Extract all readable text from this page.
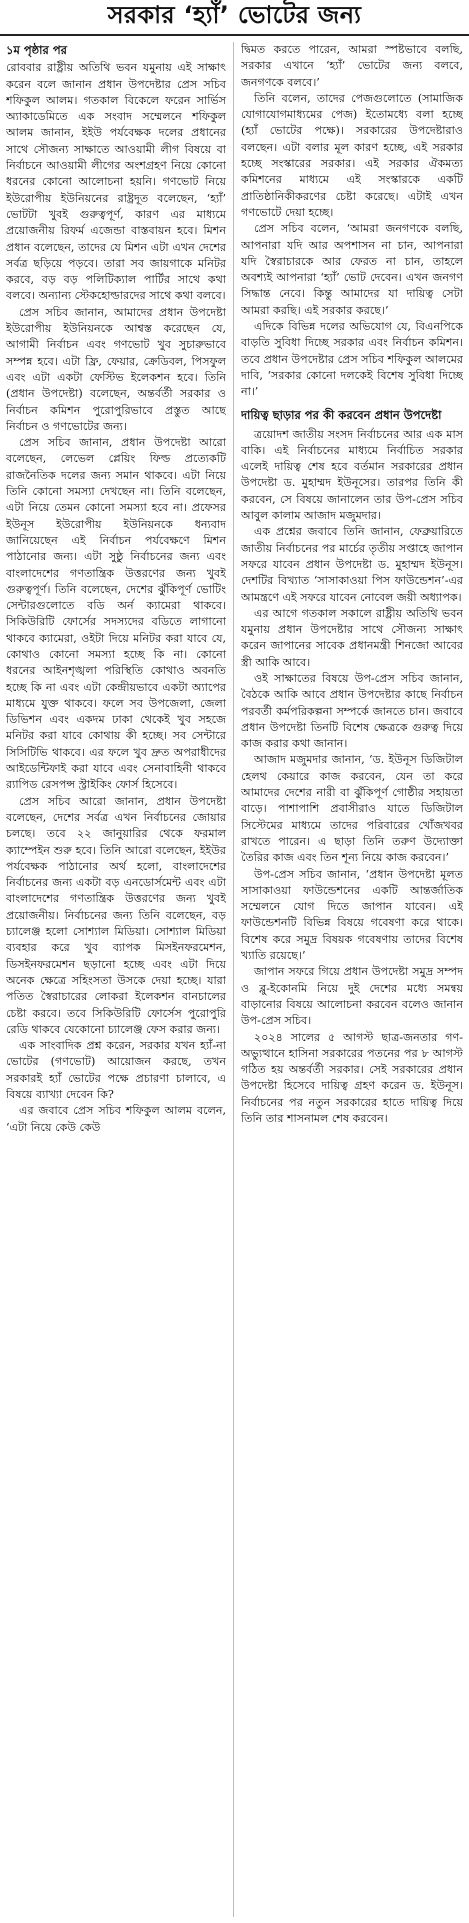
সরকার ‘হ্যাঁ’ ভোটের জন্য
১ম পৃষ্ঠার পর

রোববার রাষ্ট্রীয় অতিথি ভবন যমুনায় এই সাক্ষাৎ করেন বলে জানান প্রধান উপদেষ্টার প্রেস সচিব শফিকুল আলম। গতকাল বিকেলে ফরেন সার্ভিস অ্যাকাডেমিতে এক সংবাদ সম্মেলনে শফিকুল আলম জানান, ইইউ পর্যবেক্ষক দলের প্রধানের সাথে সৌজন্য সাক্ষাতে আওয়ামী লীগ বিষয়ে বা নির্বাচনে আওয়ামী লীগের অংশগ্রহণ নিয়ে কোনো ধরনের কোনো আলোচনা হয়নি। গণভোট নিয়ে ইউরোপীয় ইউনিয়নের রাষ্ট্রদূত বলেছেন, ‘হ্যাঁ’ ভোটটা খুবই গুরুত্বপূর্ণ, কারণ এর মাধ্যমে প্রয়োজনীয় রিফর্ম এজেন্ডা বাস্তবায়ন হবে। মিশন প্রধান বলেছেন, তাদের যে মিশন এটা এখন দেশের সর্বত্র ছড়িয়ে পড়বে। তারা সব জায়গাকে মনিটর করবে, বড় বড় পলিটিক্যাল পার্টির সাথে কথা বলবে। অন্যান্য স্টেকহোল্ডারদের সাথে কথা বলবে।

প্রেস সচিব জানান, আমাদের প্রধান উপদেষ্টা ইউরোপীয় ইউনিয়নকে আশ্বস্ত করেছেন যে, আগামী নির্বাচন এবং গণভোট খুব সুচারুভাবে সম্পন্ন হবে। এটা ফ্রি, ফেয়ার, ক্রেডিবল, পিসফুল এবং এটা একটা ফেস্টিভ ইলেকশন হবে। তিনি (প্রধান উপদেষ্টা) বলেছেন, অন্তর্বর্তী সরকার ও নির্বাচন কমিশন পুরোপুরিভাবে প্রস্তুত আছে নির্বাচন ও গণভোটের জন্য।

প্রেস সচিব জানান, প্রধান উপদেষ্টা আরো বলেছেন, লেভেল প্লেয়িং ফিল্ড প্রত্যেকটি রাজনৈতিক দলের জন্য সমান থাকবে। এটা নিয়ে তিনি কোনো সমস্যা দেখছেন না। তিনি বলেছেন, এটা নিয়ে তেমন কোনো সমস্যা হবে না। প্রফেসর ইউনূস ইউরোপীয় ইউনিয়নকে ধন্যবাদ জানিয়েছেন এই নির্বাচন পর্যবেক্ষণে মিশন পাঠানোর জন্য। এটা সুষ্ঠু নির্বাচনের জন্য এবং বাংলাদেশের গণতান্ত্রিক উত্তরণের জন্য খুবই গুরুত্বপূর্ণ। তিনি বলেছেন, দেশের ঝুঁকিপূর্ণ ভোটিং সেন্টারগুলোতে বডি অর্ন ক্যামেরা থাকবে। সিকিউরিটি ফোর্সের সদস্যদের বডিতে লাগানো থাকবে ক্যামেরা, ওইটা দিয়ে মনিটর করা যাবে যে, কোথাও কোনো সমস্যা হচ্ছে কি না। কোনো ধরনের আইনশৃঙ্খলা পরিস্থিতি কোথাও অবনতি হচ্ছে কি না এবং এটা কেন্দ্রীয়ভাবে একটা অ্যাপের মাধ্যমে যুক্ত থাকবে। ফলে সব উপজেলা, জেলা ডিভিশন এবং একদম ঢাকা থেকেই খুব সহজে মনিটর করা যাবে কোথায় কী হচ্ছে। সব সেন্টারে সিসিটিভি থাকবে। এর ফলে খুব দ্রুত অপরাধীদের আইডেন্টিফাই করা যাবে এবং সেনাবাহিনী থাকবে র‌্যাপিড রেসপন্স স্ট্রাইকিং ফোর্স হিসেবে।

প্রেস সচিব আরো জানান, প্রধান উপদেষ্টা বলেছেন, দেশের সর্বত্র এখন নির্বাচনের জোয়ার চলছে। তবে ২২ জানুয়ারির থেকে ফরমাল ক্যাম্পেইন শুরু হবে। তিনি আরো বলেছেন, ইইউর পর্যবেক্ষক পাঠানোর অর্থ হলো, বাংলাদেশের নির্বাচনের জন্য একটা বড় এনডোর্সমেন্ট এবং এটা বাংলাদেশের গণতান্ত্রিক উত্তরণের জন্য খুবই প্রয়োজনীয়। নির্বাচনের জন্য তিনি বলেছেন, বড় চ্যালেঞ্জ হলো সোশ্যাল মিডিয়া। সোশ্যাল মিডিয়া ব্যবহার করে খুব ব্যাপক মিসইনফরমেশন, ডিসইনফরমেশন ছড়ানো হচ্ছে এবং এটা দিয়ে অনেক ক্ষেত্রে সহিংসতা উসকে দেয়া হচ্ছে। যারা পতিত স্বৈরাচারের লোকরা ইলেকশন বানচালের চেষ্টা করবে। তবে সিকিউরিটি ফোর্সেস পুরোপুরি রেডি থাকবে যেকোনো চ্যালেঞ্জ ফেস করার জন্য।

এক সাংবাদিক প্রশ্ন করেন, সরকার যখন হ্যাঁ-না ভোটের (গণভোট) আয়োজন করছে, তখন সরকারই হ্যাঁ ভোটের পক্ষে প্রচারণা চালাবে, এ বিষয়ে ব্যাখ্যা দেবেন কি?

এর জবাবে প্রেস সচিব শফিকুল আলম বলেন, ‘এটা নিয়ে কেউ কেউ

দ্বিমত করতে পারেন, আমরা স্পষ্টভাবে বলছি, সরকার এখানে ‘হ্যাঁ’ ভোটের জন্য বলবে, জনগণকে বলবে।’

তিনি বলেন, তাদের পেজগুলোতে (সামাজিক যোগাযোগমাধ্যমের পেজ) ইতোমধ্যে বলা হচ্ছে (হ্যাঁ ভোটের পক্ষে)। সরকারের উপদেষ্টারাও বলছেন। এটা বলার মূল কারণ হচ্ছে, এই সরকার হচ্ছে সংস্কারের সরকার। এই সরকার ঐকমত্য কমিশনের মাধ্যমে এই সংস্কারকে একটি প্রাতিষ্ঠানিকীকরণের চেষ্টা করেছে। এটাই এখন গণভোটে দেয়া হচ্ছে।

প্রেস সচিব বলেন, ‘আমরা জনগণকে বলছি, আপনারা যদি আর অপশাসন না চান, আপনারা যদি স্বৈরাচারকে আর ফেরত না চান, তাহলে অবশ্যই আপনারা ‘হ্যাঁ’ ভোট দেবেন। এখন জনগণ সিদ্ধান্ত নেবে। কিন্তু আমাদের যা দায়িত্ব সেটা আমরা করছি। এই সরকার করছে।’

এদিকে বিভিন্ন দলের অভিযোগ যে, বিএনপিকে বাড়তি সুবিধা দিচ্ছে সরকার এবং নির্বাচন কমিশন। তবে প্রধান উপদেষ্টার প্রেস সচিব শফিকুল আলমের দাবি, ‘সরকার কোনো দলকেই বিশেষ সুবিধা দিচ্ছে না।’

দায়িত্ব ছাড়ার পর কী করবেন প্রধান উপদেষ্টা

ত্রয়োদশ জাতীয় সংসদ নির্বাচনের আর এক মাস বাকি। এই নির্বাচনের মাধ্যমে নির্বাচিত সরকার এলেই দায়িত্ব শেষ হবে বর্তমান সরকারের প্রধান উপদেষ্টা ড. মুহাম্মদ ইউনূসের। তারপর তিনি কী করবেন, সে বিষয়ে জানালেন তার উপ-প্রেস সচিব আবুল কালাম আজাদ মজুমদার।

এক প্রশ্নের জবাবে তিনি জানান, ফেব্রুয়ারিতে জাতীয় নির্বাচনের পর মার্চের তৃতীয় সপ্তাহে জাপান সফরে যাবেন প্রধান উপদেষ্টা ড. মুহাম্মদ ইউনূস। দেশটির বিখ্যাত ‘সাসাকাওয়া পিস ফাউন্ডেশন’-এর আমন্ত্রণে এই সফরে যাবেন নোবেল জয়ী অধ্যাপক।

এর আগে গতকাল সকালে রাষ্ট্রীয় অতিথি ভবন যমুনায় প্রধান উপদেষ্টার সাথে সৌজন্য সাক্ষাৎ করেন জাপানের সাবেক প্রধানমন্ত্রী শিনজো আবের স্ত্রী আকি আবে।

ওই সাক্ষাতের বিষয়ে উপ-প্রেস সচিব জানান, বৈঠকে আকি আবে প্রধান উপদেষ্টার কাছে নির্বাচন পরবর্তী কর্মপরিকল্পনা সম্পর্কে জানতে চান। জবাবে প্রধান উপদেষ্টা তিনটি বিশেষ ক্ষেত্রকে গুরুত্ব দিয়ে কাজ করার কথা জানান।

আজাদ মজুমদার জানান, ‘ড. ইউনূস ডিজিটাল হেলথ কেয়ারে কাজ করবেন, যেন তা করে আমাদের দেশের নারী বা ঝুঁকিপূর্ণ গোষ্ঠীর সহায়তা বাড়ে। পাশাপাশি প্রবাসীরাও যাতে ডিজিটাল সিস্টেমের মাধ্যমে তাদের পরিবারের খোঁজখবর রাখতে পারেন। এ ছাড়া তিনি তরুণ উদ্যোক্তা তৈরির কাজ এবং তিন শূন্য নিয়ে কাজ করবেন।’

উপ-প্রেস সচিব জানান, ‘প্রধান উপদেষ্টা মূলত সাসাকাওয়া ফাউন্ডেশনের একটি আন্তর্জাতিক সম্মেলনে যোগ দিতে জাপান যাবেন। এই ফাউন্ডেশনটি বিভিন্ন বিষয়ে গবেষণা করে থাকে। বিশেষ করে সমুদ্র বিষয়ক গবেষণায় তাদের বিশেষ খ্যাতি রয়েছে।’

জাপান সফরে গিয়ে প্রধান উপদেষ্টা সমুদ্র সম্পদ ও ব্লু-ইকোনমি নিয়ে দুই দেশের মধ্যে সমন্বয় বাড়ানোর বিষয়ে আলোচনা করবেন বলেও জানান উপ-প্রেস সচিব।

২০২৪ সালের ৫ আগস্ট ছাত্র-জনতার গণ-অভ্যুত্থানে হাসিনা সরকারের পতনের পর ৮ আগস্ট গঠিত হয় অন্তর্বর্তী সরকার। সেই সরকারের প্রধান উপদেষ্টা হিসেবে দায়িত্ব গ্রহণ করেন ড. ইউনূস। নির্বাচনের পর নতুন সরকারের হাতে দায়িত্ব দিয়ে তিনি তার শাসনামল শেষ করবেন।
